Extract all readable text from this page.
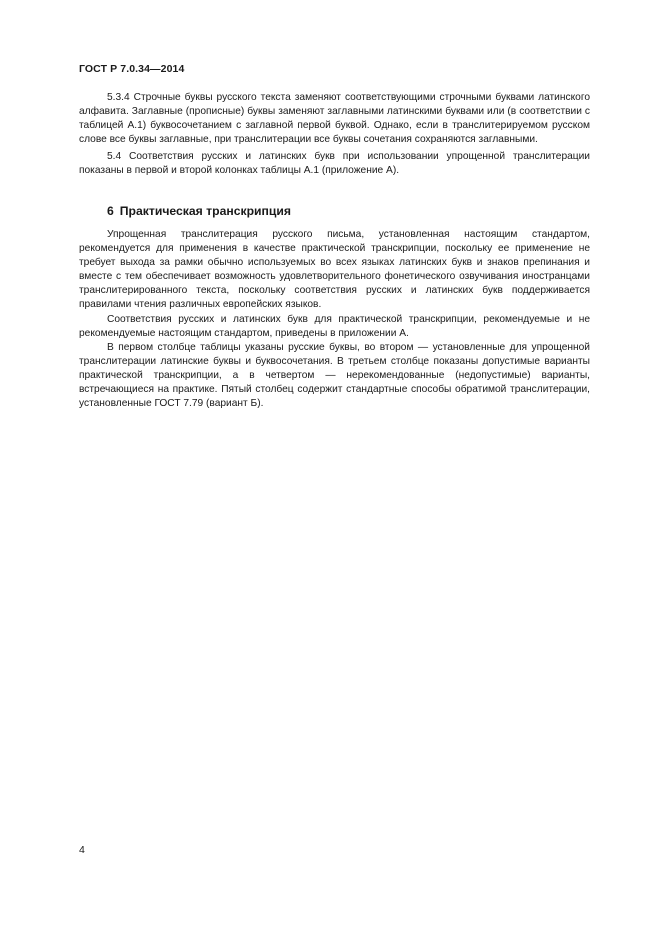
ГОСТ Р 7.0.34—2014

5.3.4 Строчные буквы русского текста заменяют соответствующими строчными буквами латинского алфавита. Заглавные (прописные) буквы заменяют заглавными латинскими буквами или (в соответствии с таблицей А.1) буквосочетанием с заглавной первой буквой. Однако, если в транслитерируемом русском слове все буквы заглавные, при транслитерации все буквы сочетания сохраняются заглавными.

5.4 Соответствия русских и латинских букв при использовании упрощенной транслитерации показаны в первой и второй колонках таблицы А.1 (приложение А).

6 Практическая транскрипция

Упрощенная транслитерация русского письма, установленная настоящим стандартом, рекомендуется для применения в качестве практической транскрипции, поскольку ее применение не требует выхода за рамки обычно используемых во всех языках латинских букв и знаков препинания и вместе с тем обеспечивает возможность удовлетворительного фонетического озвучивания иностранцами транслитерированного текста, поскольку соответствия русских и латинских букв поддерживается правилами чтения различных европейских языков.

Соответствия русских и латинских букв для практической транскрипции, рекомендуемые и не рекомендуемые настоящим стандартом, приведены в приложении А.

В первом столбце таблицы указаны русские буквы, во втором — установленные для упрощенной транслитерации латинские буквы и буквосочетания. В третьем столбце показаны допустимые варианты практической транскрипции, а в четвертом — нерекомендованные (недопустимые) варианты, встречающиеся на практике. Пятый столбец содержит стандартные способы обратимой транслитерации, установленные ГОСТ 7.79 (вариант Б).

4
